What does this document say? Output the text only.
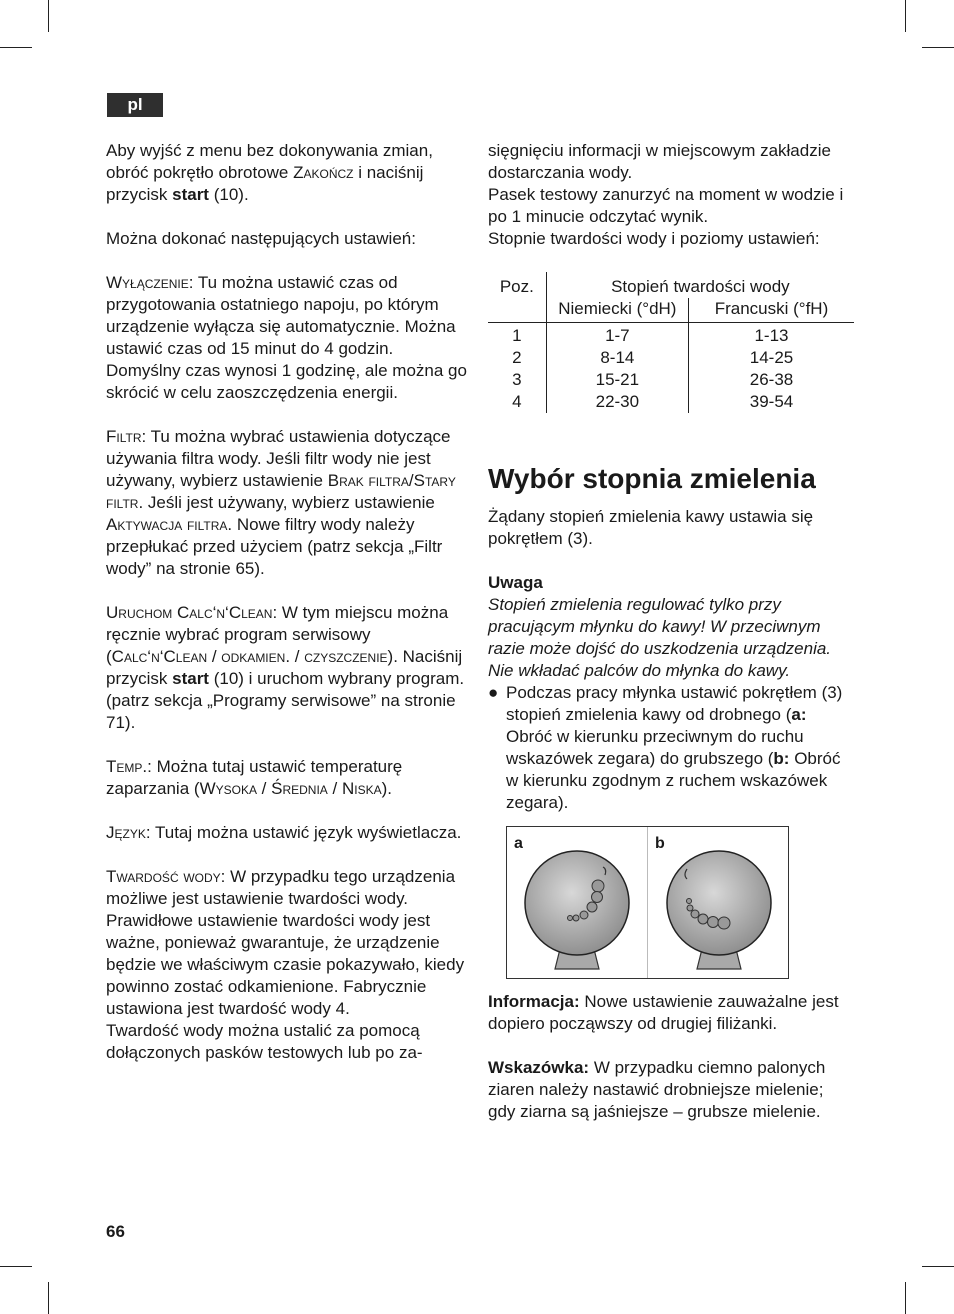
pl

Aby wyjść z menu bez dokonywania zmian, obróć pokrętło obrotowe Zakończ i naciśnij przycisk start (10).

Można dokonać następujących ustawień:

Wyłączenie: Tu można ustawić czas od przygotowania ostatniego napoju, po którym urządzenie wyłącza się automatycznie. Można ustawić czas od 15 minut do 4 godzin. Domyślny czas wynosi 1 godzinę, ale można go skrócić w celu zaoszczędzenia energii.

Filtr: Tu można wybrać ustawienia dotyczące używania filtra wody. Jeśli filtr wody nie jest używany, wybierz ustawienie Brak filtra/Stary filtr. Jeśli jest używany, wybierz ustawienie Aktywacja filtra. Nowe filtry wody należy przepłukać przed użyciem (patrz sekcja „Filtr wody” na stronie 65).

Uruchom Calc‘n‘Clean: W tym miejscu można ręcznie wybrać program serwisowy (Calc‘n‘Clean / odkamien. / czyszczenie). Naciśnij przycisk start (10) i uruchom wybrany program. (patrz sekcja „Programy serwisowe” na stronie 71).

Temp.: Można tutaj ustawić temperaturę zaparzania (Wysoka / Średnia / Niska).

Język: Tutaj można ustawić język wyświetlacza.

Twardość wody: W przypadku tego urządzenia możliwe jest ustawienie twardości wody. Prawidłowe ustawienie twardości wody jest ważne, ponieważ gwarantuje, że urządzenie będzie we właściwym czasie pokazywało, kiedy powinno zostać odkamienione. Fabrycznie ustawiona jest twardość wody 4.

Twardość wody można ustalić za pomocą dołączonych pasków testowych lub po za-

sięgnięciu informacji w miejscowym zakładzie dostarczania wody.

Pasek testowy zanurzyć na moment w wodzie i po 1 minucie odczytać wynik.

Stopnie twardości wody i poziomy ustawień:

Poz.	Stopień twardości wody	
	Niemiecki (°dH)	Francuski (°fH)
1	1-7	1-13
2	8-14	14-25
3	15-21	26-38
4	22-30	39-54
Wybór stopnia zmielenia

Żądany stopień zmielenia kawy ustawia się pokrętłem (3).

Uwaga

Stopień zmielenia regulować tylko przy pracującym młynku do kawy! W przeciwnym razie może dojść do uszkodzenia urządzenia. Nie wkładać palców do młynka do kawy.

● Podczas pracy młynka ustawić pokrętłem (3) stopień zmielenia kawy od drobnego (a: Obróć w kierunku przeciwnym do ruchu wskazówek zegara) do grubszego (b: Obróć w kierunku zgodnym z ruchem wskazówek zegara).

a	b

Informacja: Nowe ustawienie zauważalne jest dopiero począwszy od drugiej filiżanki.

Wskazówka: W przypadku ciemno palonych ziaren należy nastawić drobniejsze mielenie; gdy ziarna są jaśniejsze – grubsze mielenie.

66
